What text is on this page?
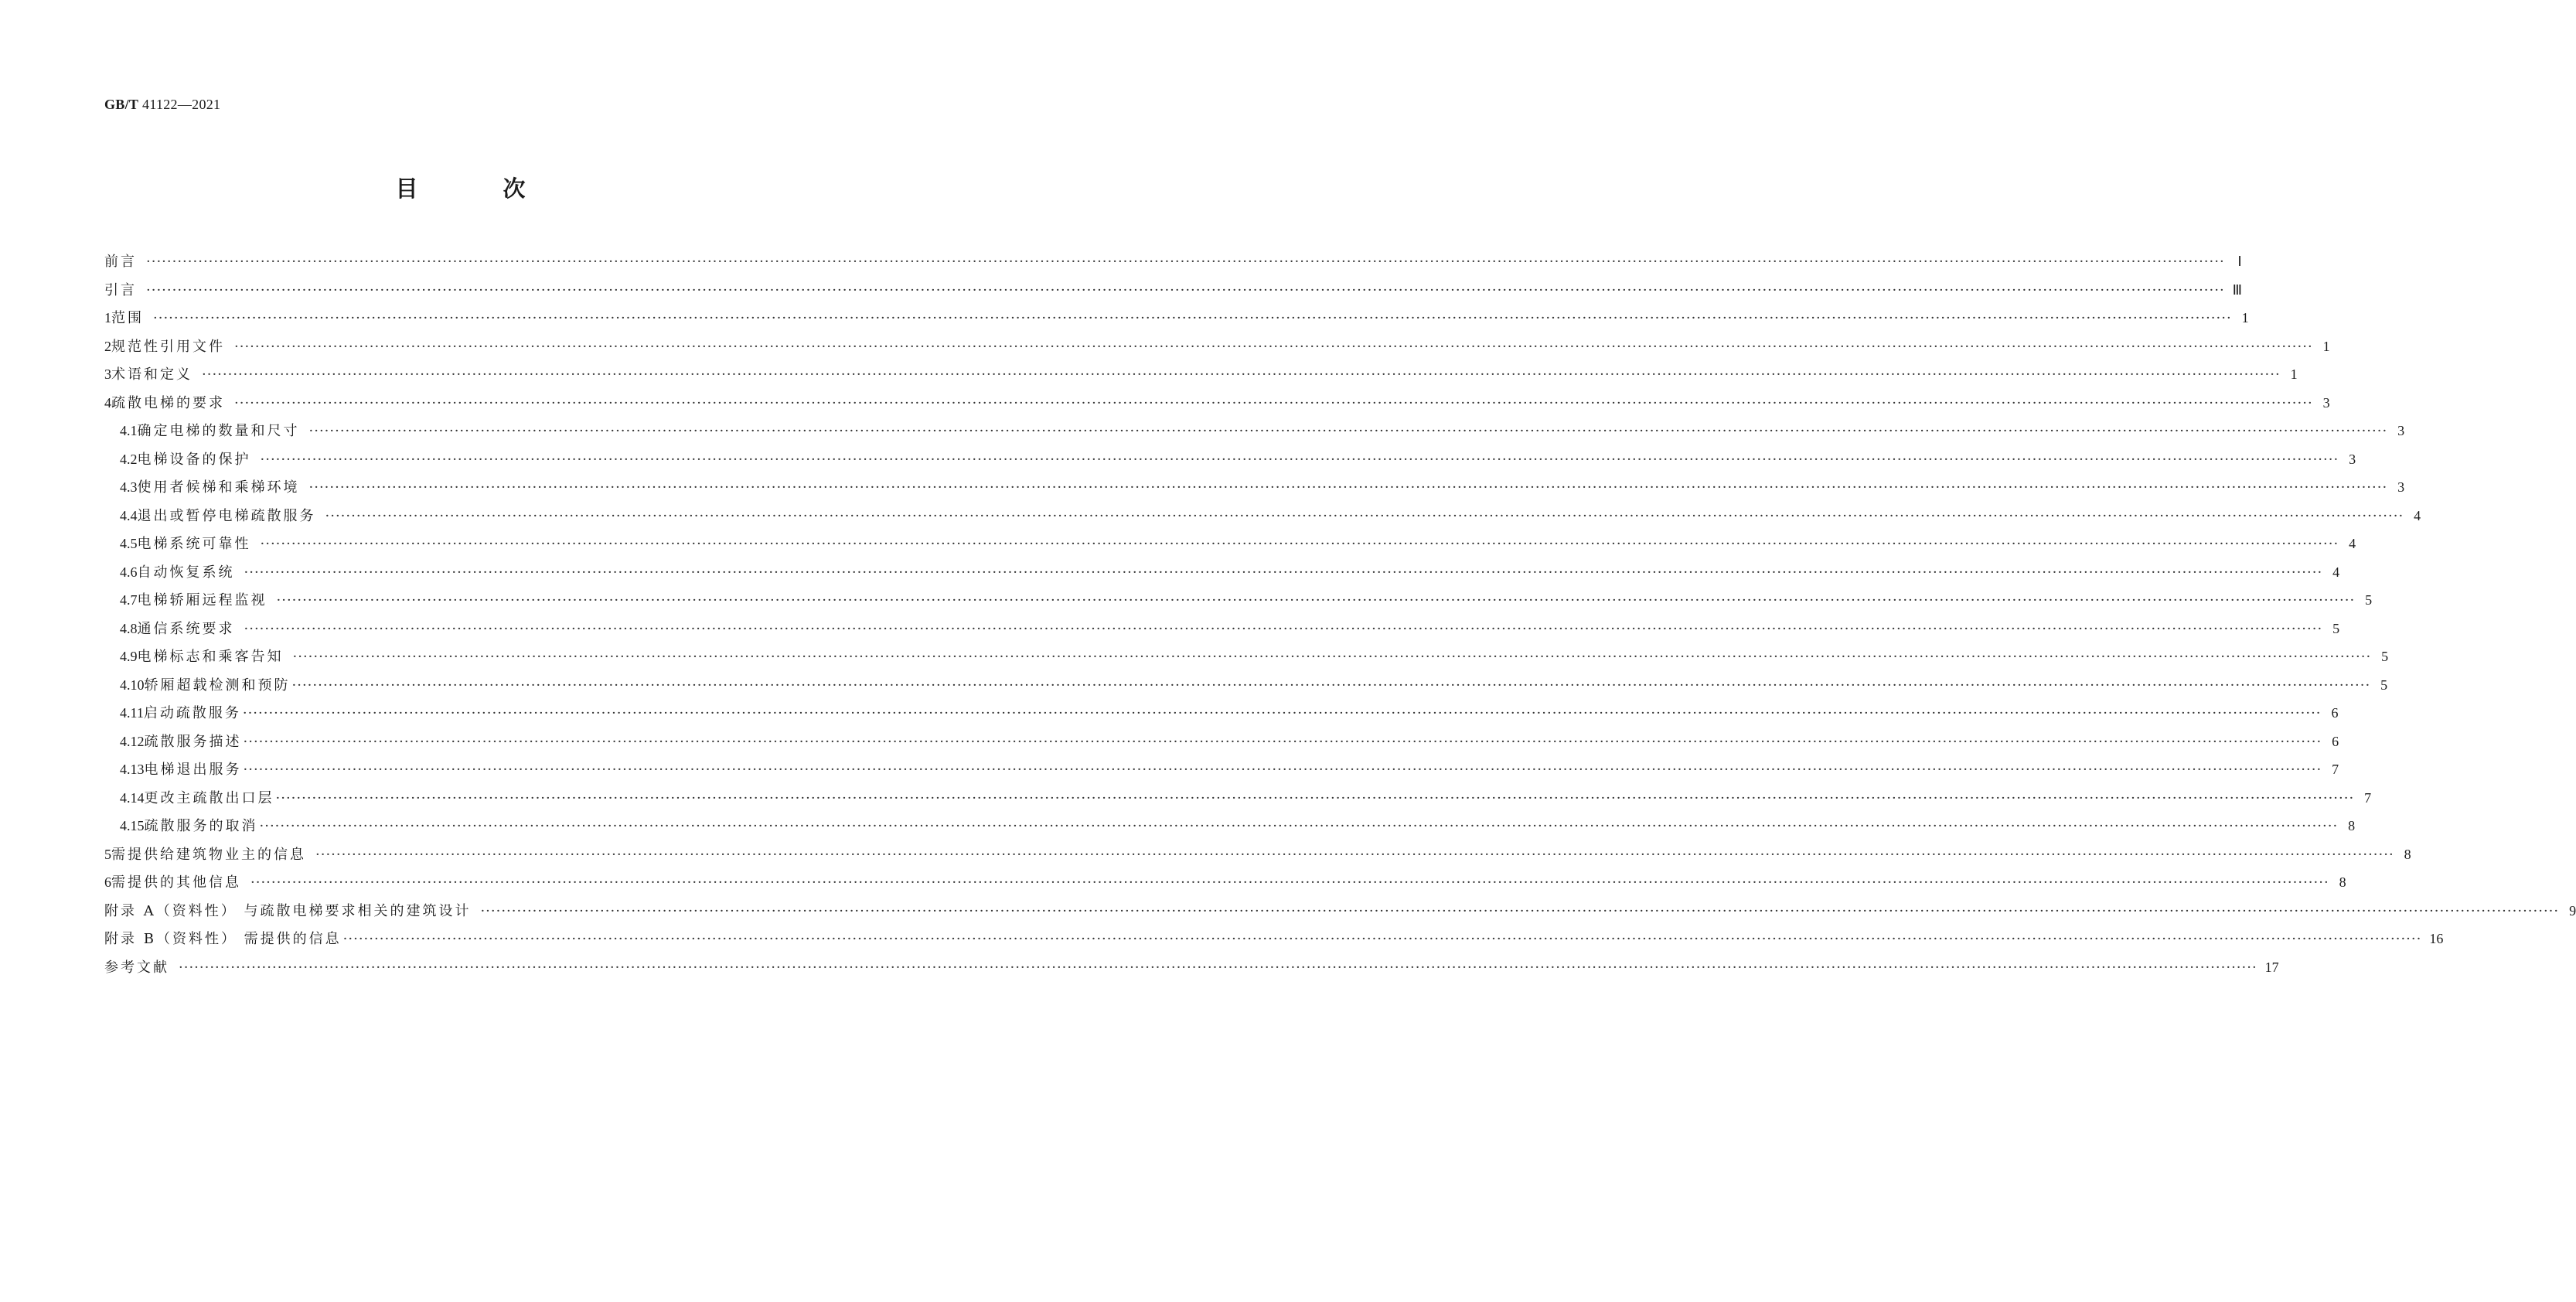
GB/T 41122—2021
目 次
前言 ················································································································································································································································································································································································································ Ⅰ
引言 ················································································································································································································································································································································································································ Ⅲ
1 范围 ················································································································································································································································································································································································································ 1
2 规范性引用文件 ················································································································································································································································································································································································································ 1
3 术语和定义 ················································································································································································································································································································································································································ 1
4 疏散电梯的要求 ················································································································································································································································································································································································································ 3
4.1 确定电梯的数量和尺寸 ················································································································································································································································································································································································································ 3
4.2 电梯设备的保护 ················································································································································································································································································································································································································ 3
4.3 使用者候梯和乘梯环境 ················································································································································································································································································································································································································ 3
4.4 退出或暂停电梯疏散服务 ················································································································································································································································································································································································································ 4
4.5 电梯系统可靠性 ················································································································································································································································································································································································································ 4
4.6 自动恢复系统 ················································································································································································································································································································································································································ 4
4.7 电梯轿厢远程监视 ················································································································································································································································································································································································································ 5
4.8 通信系统要求 ················································································································································································································································································································································································································ 5
4.9 电梯标志和乘客告知 ················································································································································································································································································································································································································ 5
4.10 轿厢超载检测和预防 ················································································································································································································································································································································································································ 5
4.11 启动疏散服务 ················································································································································································································································································································································································································ 6
4.12 疏散服务描述 ················································································································································································································································································································································································································ 6
4.13 电梯退出服务 ················································································································································································································································································································································································································ 7
4.14 更改主疏散出口层 ················································································································································································································································································································································································································ 7
4.15 疏散服务的取消 ················································································································································································································································································································································································································ 8
5 需提供给建筑物业主的信息 ················································································································································································································································································································································································································ 8
6 需提供的其他信息 ················································································································································································································································································································································································································ 8
附录 A（资料性） 与疏散电梯要求相关的建筑设计 ················································································································································································································································································································································································································ 9
附录 B（资料性） 需提供的信息 ················································································································································································································································································································································································································ 16
参考文献 ················································································································································································································································································································································································································ 17
